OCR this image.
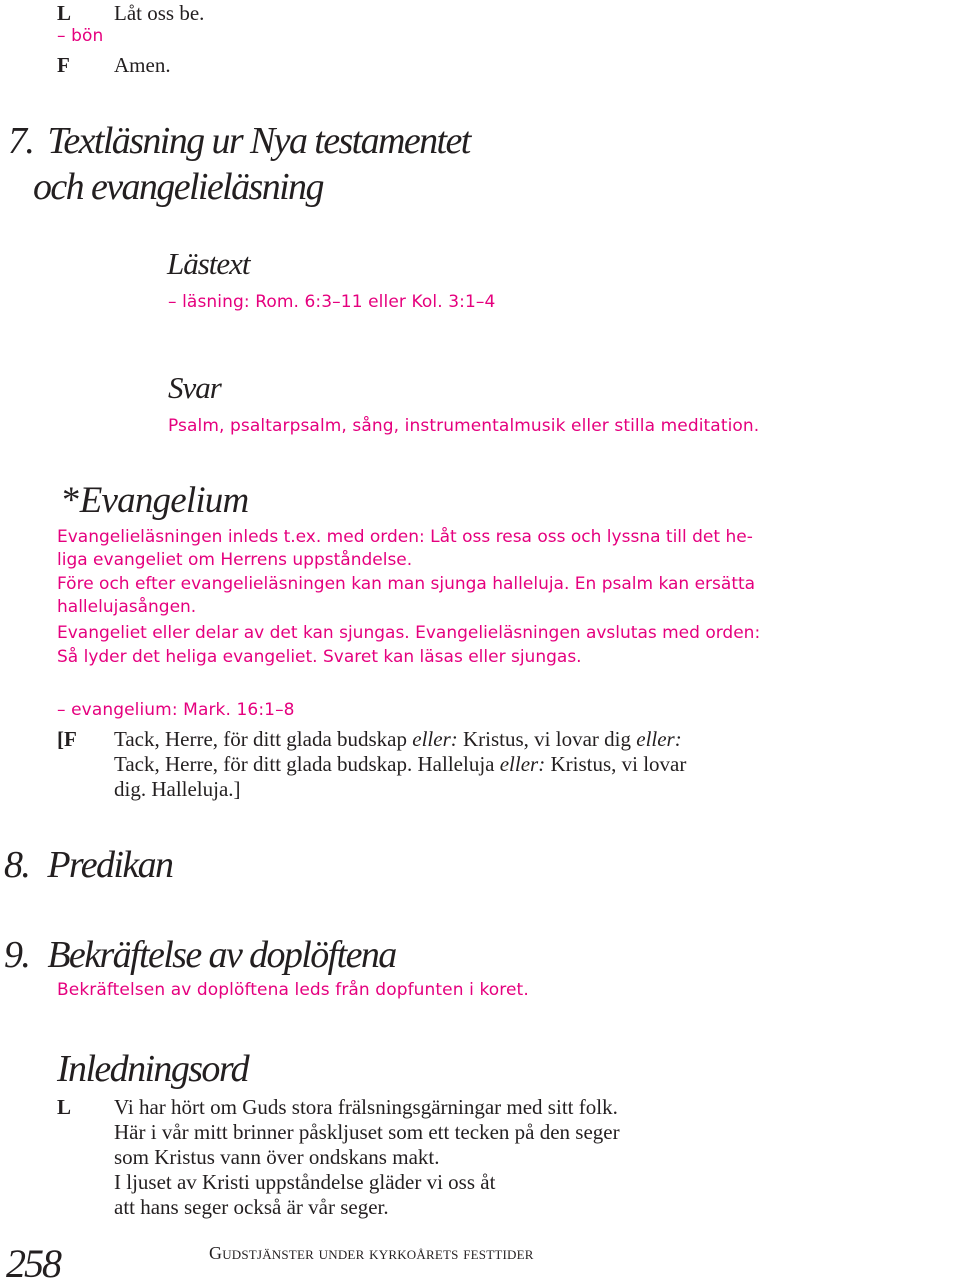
L Låt oss be.
– bön
F Amen.
7. Textläsning ur Nya testamentet
och evangelieläsning
Lästext
– läsning: Rom. 6:3–11 eller Kol. 3:1–4
Svar
Psalm, psaltarpsalm, sång, instrumentalmusik eller stilla meditation.
*Evangelium
Evangelieläsningen inleds t.ex. med orden: Låt oss resa oss och lyssna till det he-
liga evangeliet om Herrens uppståndelse.
Före och efter evangelieläsningen kan man sjunga halleluja. En psalm kan ersätta
hallelujasången.
Evangeliet eller delar av det kan sjungas. Evangelieläsningen avslutas med orden:
Så lyder det heliga evangeliet. Svaret kan läsas eller sjungas.
– evangelium: Mark. 16:1–8
[F Tack, Herre, för ditt glada budskap eller: Kristus, vi lovar dig eller:
Tack, Herre, för ditt glada budskap. Halleluja eller: Kristus, vi lovar
dig. Halleluja.]
8. Predikan
9. Bekräftelse av doplöftena
Bekräftelsen av doplöftena leds från dopfunten i koret.
Inledningsord
L Vi har hört om Guds stora frälsningsgärningar med sitt folk.
Här i vår mitt brinner påskljuset som ett tecken på den seger
som Kristus vann över ondskans makt.
I ljuset av Kristi uppståndelse gläder vi oss åt
att hans seger också är vår seger.
258	Gudstjänster under kyrkoårets festtider
